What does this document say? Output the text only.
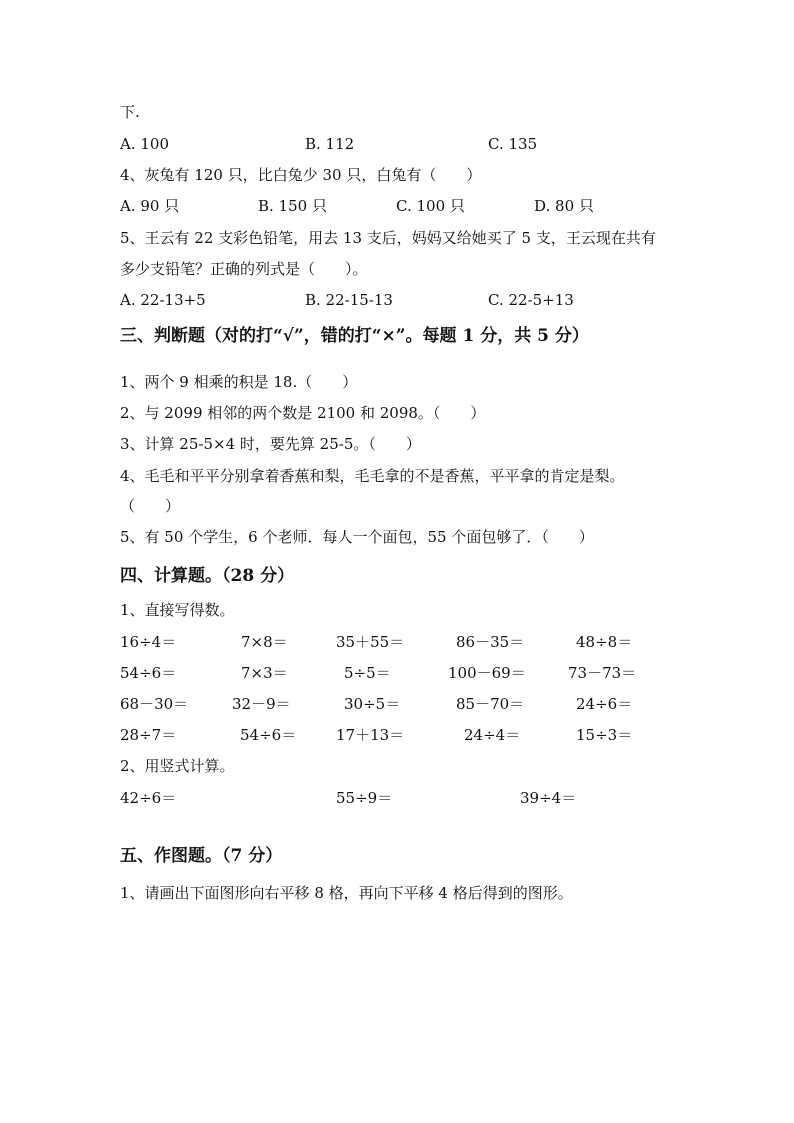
下.
A. 100	B. 112	C. 135
4、灰兔有 120 只，比白兔少 30 只，白兔有（　　）
A. 90 只	B. 150 只	C. 100 只	D. 80 只
5、王云有 22 支彩色铅笔，用去 13 支后，妈妈又给她买了 5 支，王云现在共有
多少支铅笔？正确的列式是（　　）。
A. 22-13+5	B. 22-15-13	C. 22-5+13
三、判断题（对的打“√”，错的打“×”。每题 1 分，共 5 分）
1、两个 9 相乘的积是 18.（　　）
2、与 2099 相邻的两个数是 2100 和 2098。（　　）
3、计算 25-5×4 时，要先算 25-5。（　　）
4、毛毛和平平分别拿着香蕉和梨，毛毛拿的不是香蕉，平平拿的肯定是梨。
（　　）
5、有 50 个学生，6 个老师．每人一个面包，55 个面包够了．（　　）
四、计算题。（28 分）
1、直接写得数。
16÷4＝	7×8＝	35＋55＝	86－35＝	48÷8＝
54÷6＝	7×3＝	5÷5＝	100－69＝	73－73＝
68－30＝	32－9＝	30÷5＝	85－70＝	24÷6＝
28÷7＝	54÷6＝	17＋13＝	24÷4＝	15÷3＝
2、用竖式计算。
42÷6＝	55÷9＝	39÷4＝
五、作图题。（7 分）
1、请画出下面图形向右平移 8 格，再向下平移 4 格后得到的图形。
